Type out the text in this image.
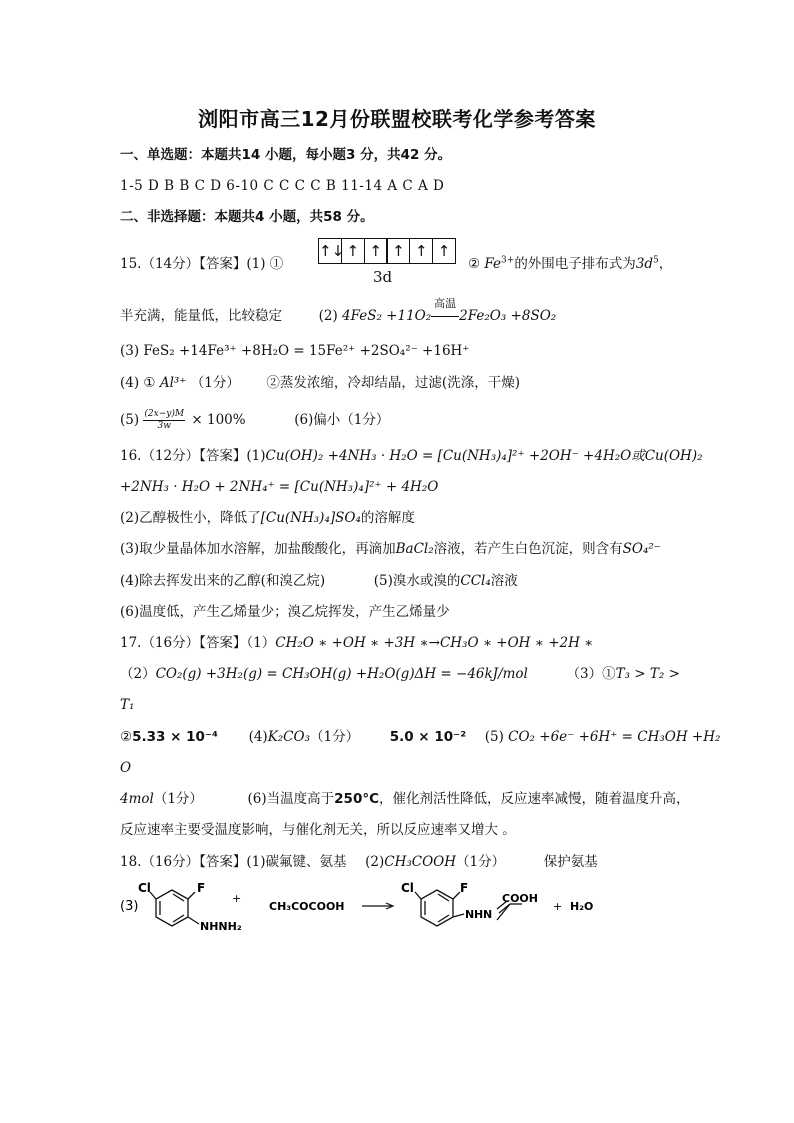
浏阳市高三12月份联盟校联考化学参考答案
一、单选题：本题共14 小题，每小题3 分，共42 分。
1-5 D B B C D 6-10 C C C C B 11-14 A C A D
二、非选择题：本题共4 小题，共58 分。
15.（14分）【答案】(1) ①
↑↓ ↑ ↑ ↑ ↑ ↑
3d
② $Fe^{3+}$的外围电子排布式为$3d^5$，
半充满，能量低，比较稳定	(2) 4FeS₂ +11O₂
高温
2Fe₂O₃ +8SO₂
(3) FeS₂ +14Fe³⁺ +8H₂O = 15Fe²⁺ +2SO₄²⁻ +16H⁺
(4) ① Al³⁺ （1分） ②蒸发浓缩，冷却结晶，过滤(洗涤，干燥)
$(5) \frac{(2x-y)M}{3w} \times 100\%$	(6)偏小（1分）
16.（12分）【答案】(1)Cu(OH)₂ +4NH₃ · H₂O = [Cu(NH₃)₄]²⁺ +2OH⁻ +4H₂O或Cu(OH)₂
+2NH₃ · H₂O + 2NH₄⁺ = [Cu(NH₃)₄]²⁺ + 4H₂O
(2)乙醇极性小，降低了[Cu(NH₃)₄]SO₄的溶解度
(3)取少量晶体加水溶解，加盐酸酸化，再滴加BaCl₂溶液，若产生白色沉淀，则含有SO₄²⁻
(4)除去挥发出来的乙醇(和溴乙烷)	(5)溴水或溴的CCl₄溶液
(6)温度低，产生乙烯量少；溴乙烷挥发，产生乙烯量少
17.（16分）【答案】（1）CH₂O ∗ +OH ∗ +3H ∗→CH₃O ∗ +OH ∗ +2H ∗
（2）CO₂(g) +3H₂(g) = CH₃OH(g) +H₂O(g)ΔH = −46kJ/mol	（3）①T₃ > T₂ >
T₁
②5.33 × 10⁻⁴ (4)K₂CO₃（1分） 5.0 × 10⁻² (5) CO₂ +6e⁻ +6H⁺ = CH₃OH +H₂
O
4mol（1分）	(6)当温度高于250°C，催化剂活性降低，反应速率减慢，随着温度升高，
反应速率主要受温度影响，与催化剂无关，所以反应速率又增大 。
18.（16分）【答案】(1)碳氟键、氨基 (2)CH₃COOH（1分）	保护氨基
(3)
Cl	F
NHNH₂
+
CH₃COCOOH
Cl	F
N H N
COOH
+ H₂O
